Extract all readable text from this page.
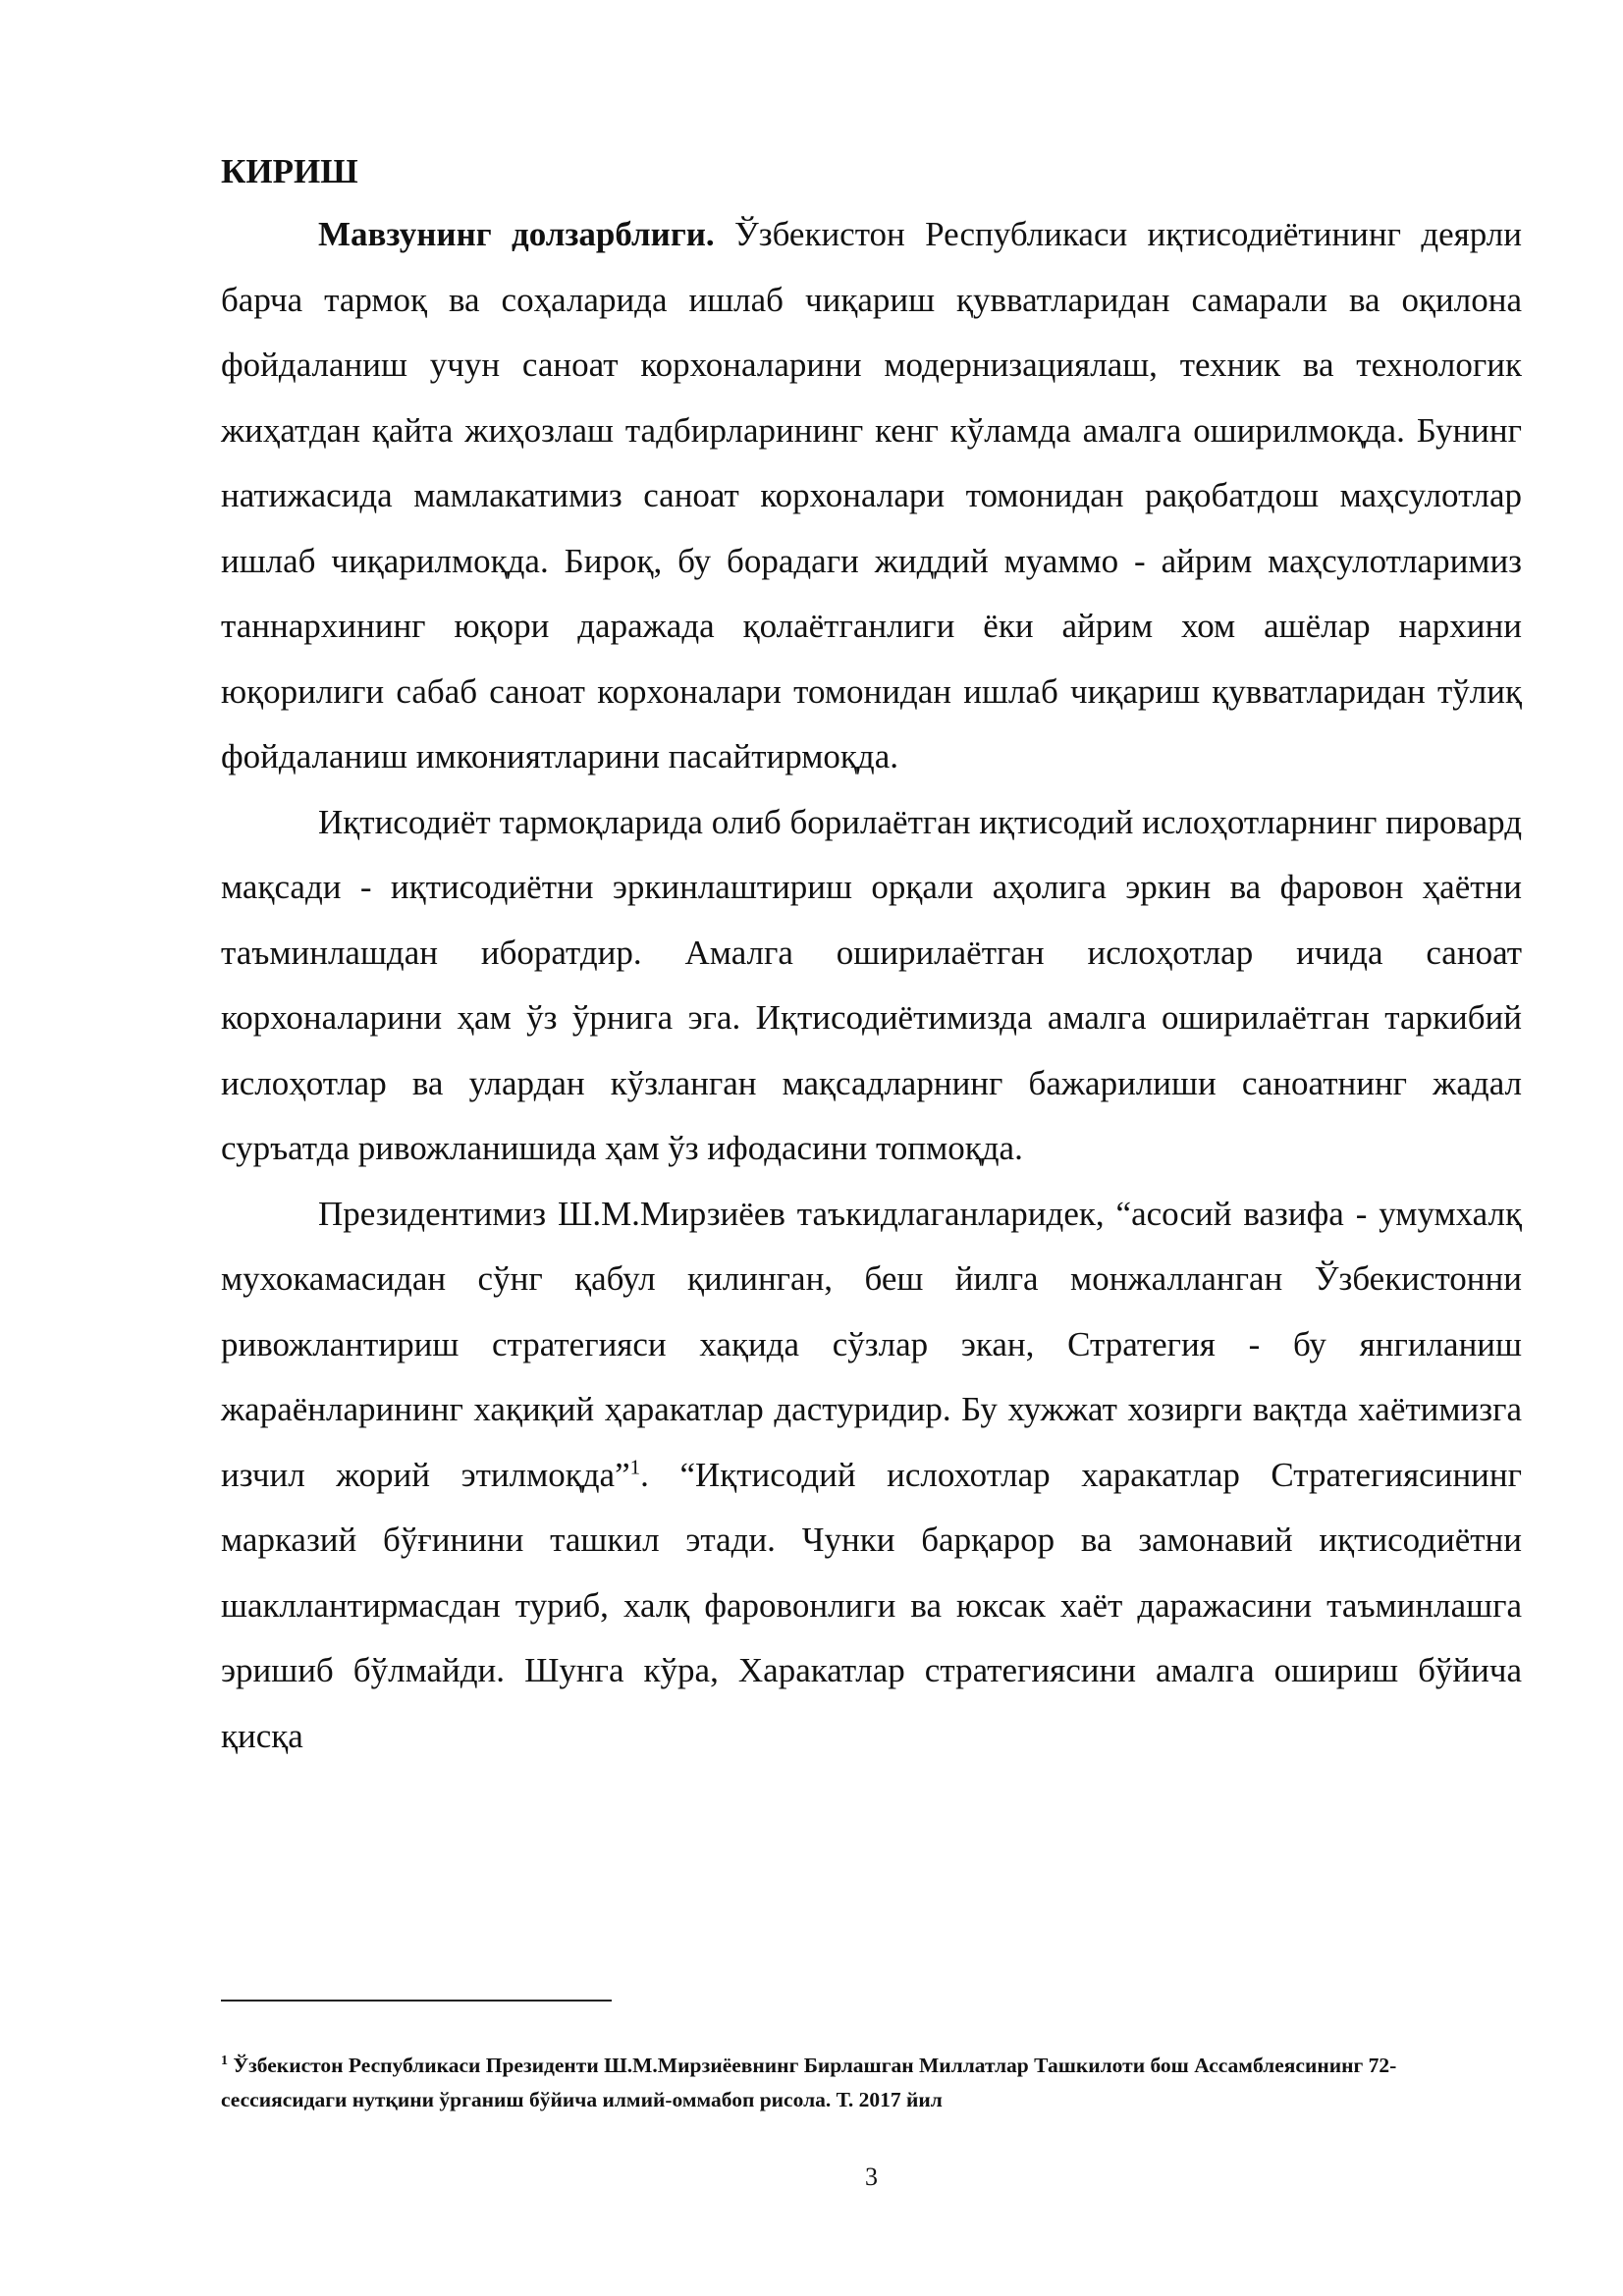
КИРИШ

Мавзунинг долзарблиги. Ўзбекистон Республикаси иқтисодиётининг деярли барча тармоқ ва соҳаларида ишлаб чиқариш қувватларидан самарали ва оқилона фойдаланиш учун саноат корхоналарини модернизациялаш, техник ва технологик жиҳатдан қайта жиҳозлаш тадбирларининг кенг кўламда амалга оширилмоқда. Бунинг натижасида мамлакатимиз саноат корхоналари томонидан рақобатдош маҳсулотлар ишлаб чиқарилмоқда. Бироқ, бу борадаги жиддий муаммо - айрим маҳсулотларимиз таннархининг юқори даражада қолаётганлиги ёки айрим хом ашёлар нархини юқорилиги сабаб саноат корхоналари томонидан ишлаб чиқариш қувватларидан тўлиқ фойдаланиш имкониятларини пасайтирмоқда.

Иқтисодиёт тармоқларида олиб борилаётган иқтисодий ислоҳотларнинг пировард мақсади - иқтисодиётни эркинлаштириш орқали аҳолига эркин ва фаровон ҳаётни таъминлашдан иборатдир. Амалга оширилаётган ислоҳотлар ичида саноат корхоналарини ҳам ўз ўрнига эга. Иқтисодиётимизда амалга оширилаётган таркибий ислоҳотлар ва улардан кўзланган мақсадларнинг бажарилиши саноатнинг жадал суръатда ривожланишида ҳам ўз ифодасини топмоқда.

Президентимиз Ш.М.Мирзиёев таъкидлаганларидек, “асосий вазифа - умумхалқ мухокамасидан сўнг қабул қилинган, беш йилга монжалланган Ўзбекистонни ривожлантириш стратегияси хақида сўзлар экан, Стратегия - бу янгиланиш жараёнларининг хақиқий ҳаракатлар дастуридир. Бу хужжат хозирги вақтда хаётимизга изчил жорий этилмоқда”$^1$. “Иқтисодий ислохотлар харакатлар Стратегиясининг марказий бўғинини ташкил этади. Чунки барқарор ва замонавий иқтисодиётни шакллантирмасдан туриб, халқ фаровонлиги ва юксак хаёт даражасини таъминлашга эришиб бўлмайди. Шунга кўра, Харакатлар стратегиясини амалга ошириш бўйича қисқа

$^1$ Ўзбекистон Республикаси Президенти Ш.М.Мирзиёевнинг Бирлашган Миллатлар Ташкилоти бош Ассамблеясининг 72- сессиясидаги нутқини ўрганиш бўйича илмий-оммабоп рисола. Т. 2017 йил

3
